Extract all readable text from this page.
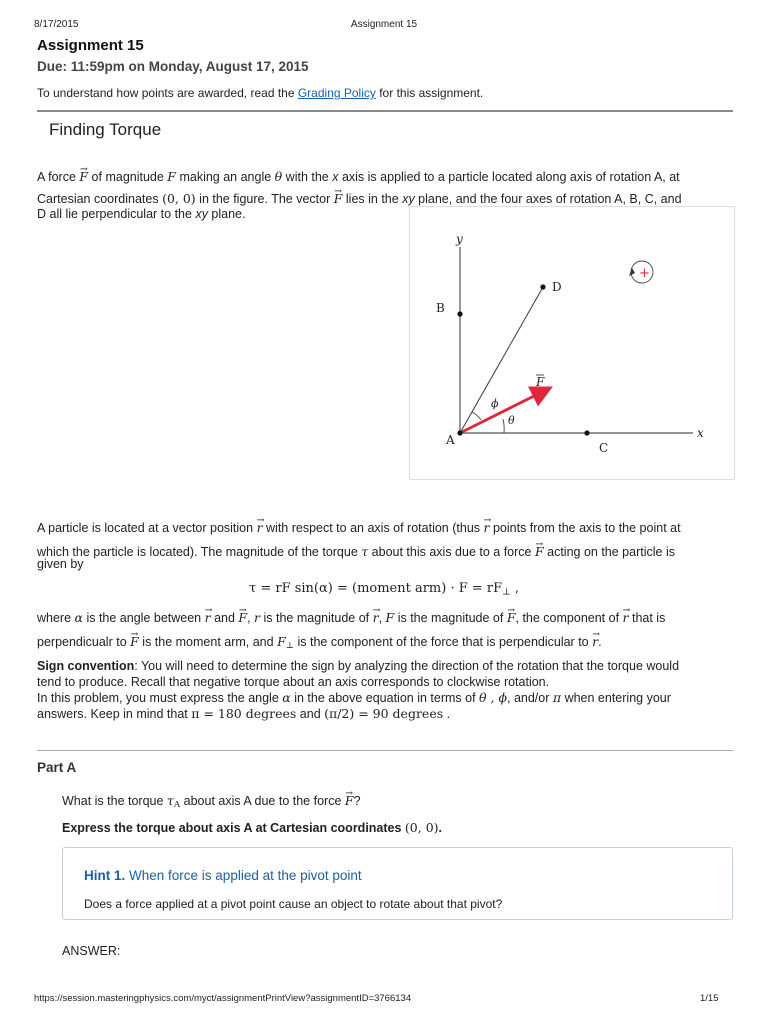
8/17/2015	Assignment 15
Assignment 15
Due: 11:59pm on Monday, August 17, 2015
To understand how points are awarded, read the Grading Policy for this assignment.
Finding Torque
A force → F of magnitude F making an angle θ with the x axis is applied to a particle located along axis of rotation A, at
Cartesian coordinates (0, 0) in the figure. The vector → F lies in the xy plane, and the four axes of rotation A, B, C, and
D all lie perpendicular to the xy plane.
y
x
A
B
C
D
F
ϕ
θ
+
A particle is located at a vector position → r with respect to an axis of rotation (thus → r points from the axis to the point at
which the particle is located). The magnitude of the torque τ about this axis due to a force → F acting on the particle is
given by
τ = rF sin(α) = (moment $arm) \cdot F = rF_\perp$ ,
where α is the angle between → r and → F, r is the magnitude of → r, F is the magnitude of → F, the component of → r that is
perpendicualr to → F is the moment arm, and $F_\perp$ is the component of the force that is perpendicular to → r.
Sign convention: You will need to determine the sign by analyzing the direction of the rotation that the torque would
tend to produce. Recall that negative torque about an axis corresponds to clockwise rotation.
In this problem, you must express the angle α in the above equation in terms of θ , ϕ, and/or π when entering your
answers. Keep in mind that π = 180 degrees and (π/2) = 90 degrees .
Part A
What is the torque $\tau_A$ about axis A due to the force → F?
Express the torque about axis A at Cartesian coordinates (0, 0).
Hint 1. When force is applied at the pivot point
Does a force applied at a pivot point cause an object to rotate about that pivot?
ANSWER:
https://session.masteringphysics.com/myct/assignmentPrintView?assignmentID=3766134	1/15
